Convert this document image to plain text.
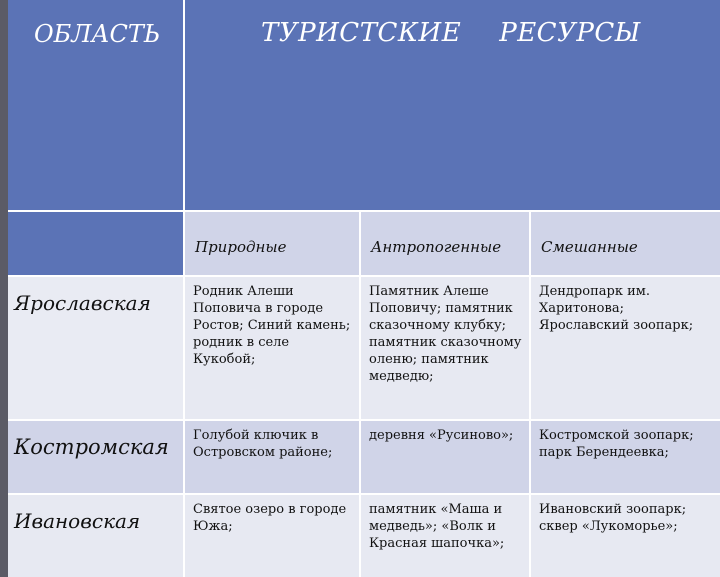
ОБЛАСТЬ	ТУРИСТСКИЕ РЕСУРСЫ		
	Природные	Антропогенные	Смешанные
Ярославская	Родник Алеши Поповича в городе Ростов; Синий камень; родник в селе Кукобой;	Памятник Алеше Поповичу; памятник сказочному клубку; памятник сказочному оленю; памятник медведю;	Дендропарк им. Харитонова; Ярославский зоопарк;
Костромская	Голубой ключик в Островском районе;	деревня «Русиново»;	Костромской зоопарк; парк Берендеевка;
Ивановская	Святое озеро в городе Южа;	памятник «Маша и медведь»; «Волк и Красная шапочка»;	Ивановский зоопарк; сквер «Лукоморье»;
